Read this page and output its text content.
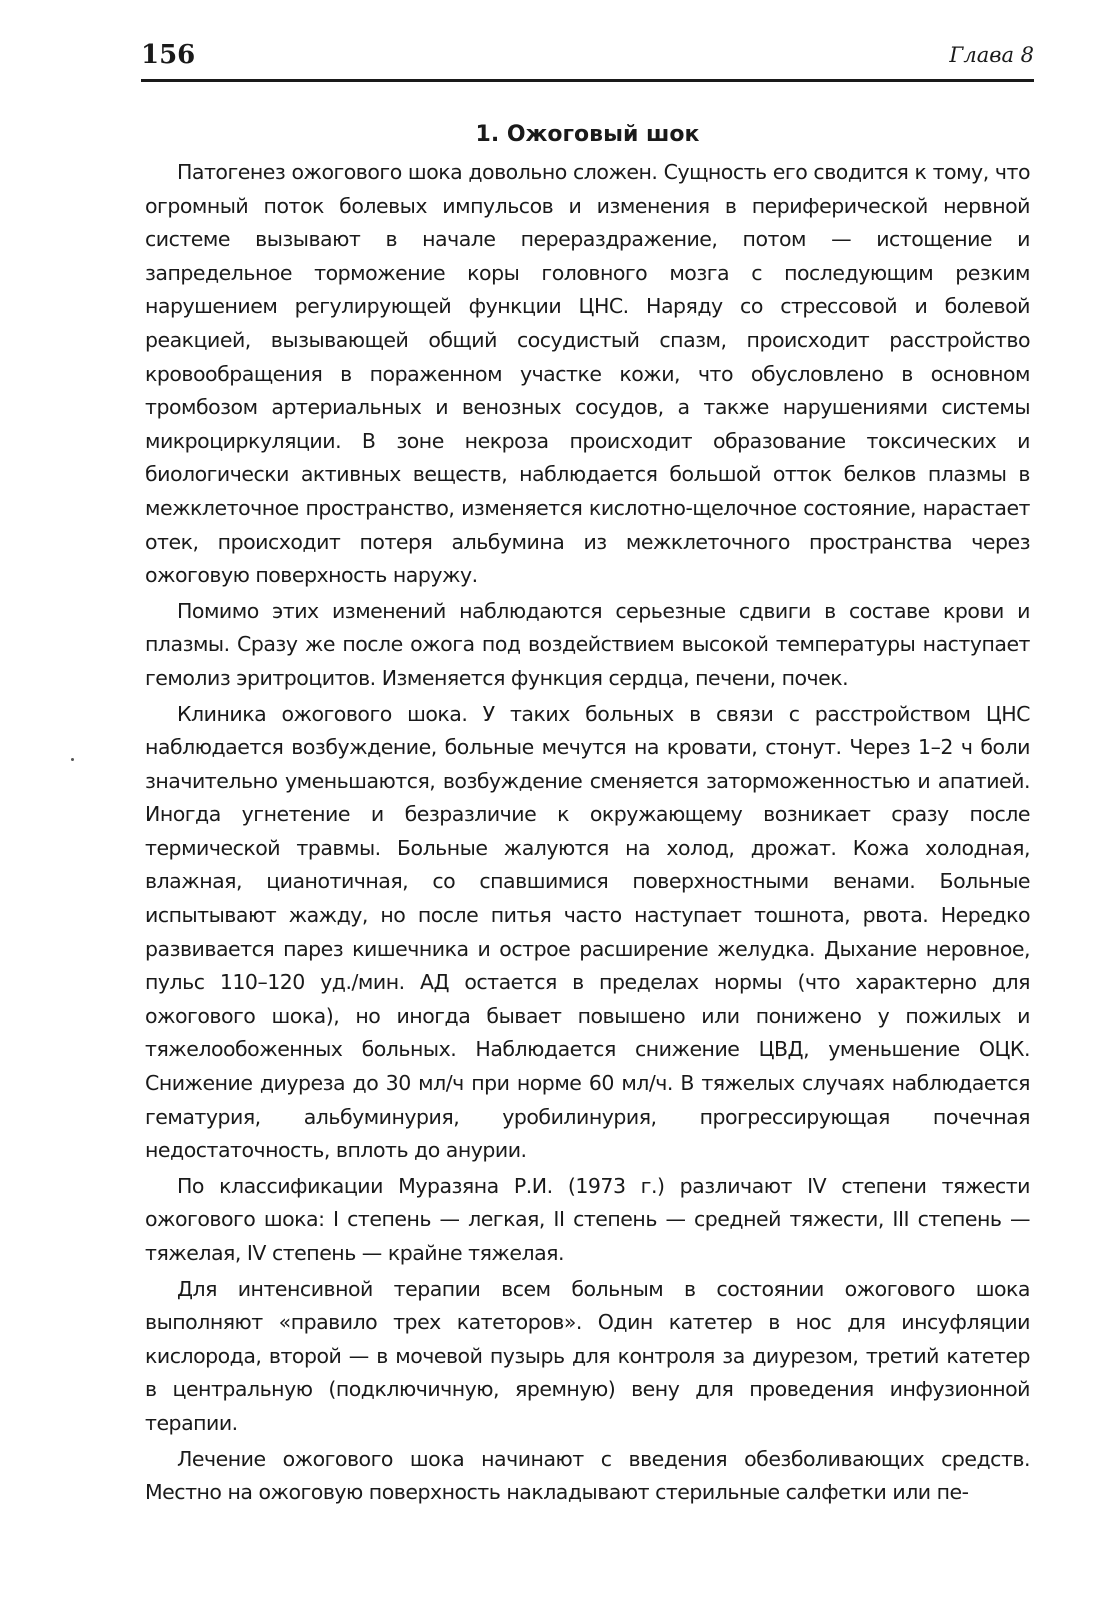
156	Глава 8
1. Ожоговый шок

Патогенез ожогового шока довольно сложен. Сущность его сводится к тому, что огромный поток болевых импульсов и изменения в периферической нервной системе вызывают в начале перераздражение, потом — истощение и запредельное торможение коры головного мозга с последующим резким нарушением регулирующей функции ЦНС. Наряду со стрессовой и болевой реакцией, вызывающей общий сосудистый спазм, происходит расстройство кровообращения в пораженном участке кожи, что обусловлено в основном тромбозом артериальных и венозных сосудов, а также нарушениями системы микроциркуляции. В зоне некроза происходит образование токсических и биологически активных веществ, наблюдается большой отток белков плазмы в межклеточное пространство, изменяется кислотно-щелочное состояние, нарастает отек, происходит потеря альбумина из межклеточного пространства через ожоговую поверхность наружу.

Помимо этих изменений наблюдаются серьезные сдвиги в составе крови и плазмы. Сразу же после ожога под воздействием высокой температуры наступает гемолиз эритроцитов. Изменяется функция сердца, печени, почек.

Клиника ожогового шока. У таких больных в связи с расстройством ЦНС наблюдается возбуждение, больные мечутся на кровати, стонут. Через 1–2 ч боли значительно уменьшаются, возбуждение сменяется заторможенностью и апатией. Иногда угнетение и безразличие к окружающему возникает сразу после термической травмы. Больные жалуются на холод, дрожат. Кожа холодная, влажная, цианотичная, со спавшимися поверхностными венами. Больные испытывают жажду, но после питья часто наступает тошнота, рвота. Нередко развивается парез кишечника и острое расширение желудка. Дыхание неровное, пульс 110–120 уд./мин. АД остается в пределах нормы (что характерно для ожогового шока), но иногда бывает повышено или понижено у пожилых и тяжелообоженных больных. Наблюдается снижение ЦВД, уменьшение ОЦК. Снижение диуреза до 30 мл/ч при норме 60 мл/ч. В тяжелых случаях наблюдается гематурия, альбуминурия, уробилинурия, прогрессирующая почечная недостаточность, вплоть до анурии.

По классификации Муразяна Р.И. (1973 г.) различают IV степени тяжести ожогового шока: I степень — легкая, II степень — средней тяжести, III степень — тяжелая, IV степень — крайне тяжелая.

Для интенсивной терапии всем больным в состоянии ожогового шока выполняют «правило трех катеторов». Один катетер в нос для инсуфляции кислорода, второй — в мочевой пузырь для контроля за диурезом, третий катетер в центральную (подключичную, яремную) вену для проведения инфузионной терапии.

Лечение ожогового шока начинают с введения обезболивающих средств. Местно на ожоговую поверхность накладывают стерильные салфетки или пе-
